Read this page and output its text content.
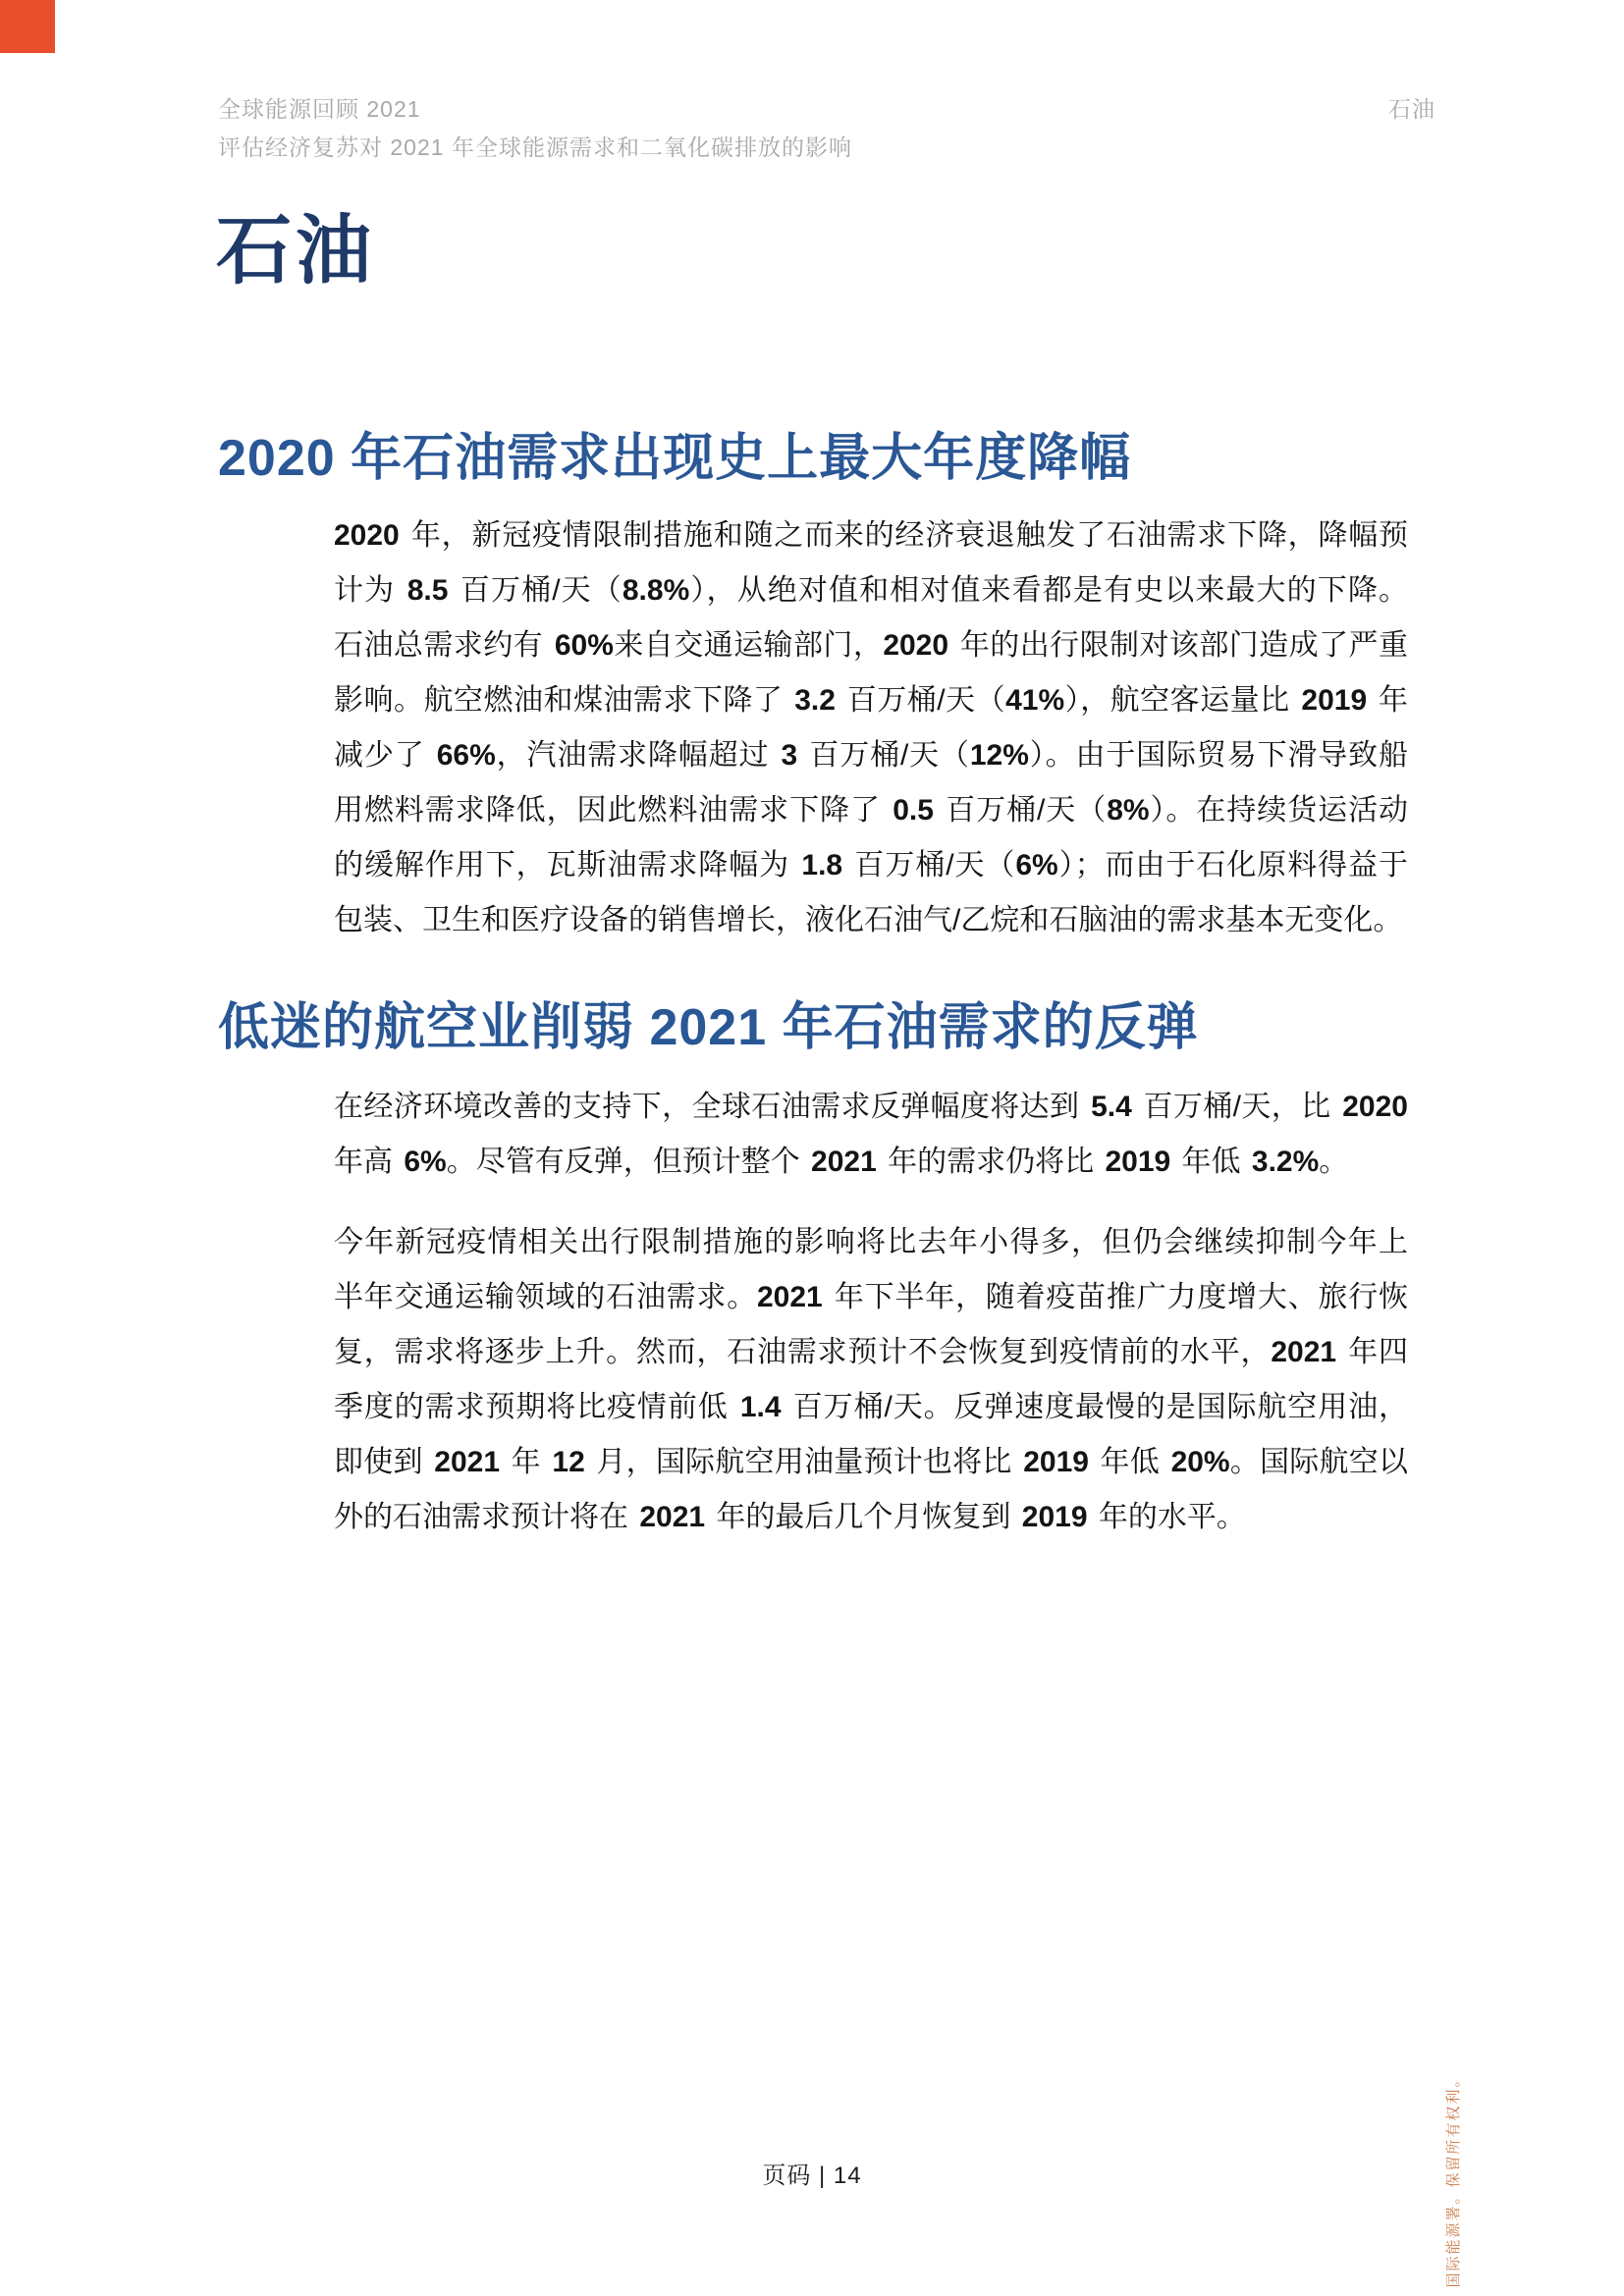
全球能源回顾 2021
评估经济复苏对 2021 年全球能源需求和二氧化碳排放的影响
石油
石油
2020 年石油需求出现史上最大年度降幅
2020 年，新冠疫情限制措施和随之而来的经济衰退触发了石油需求下降，降幅预
计为 8.5 百万桶/天（8.8%），从绝对值和相对值来看都是有史以来最大的下降。
石油总需求约有 60%来自交通运输部门，2020 年的出行限制对该部门造成了严重
影响。航空燃油和煤油需求下降了 3.2 百万桶/天（41%），航空客运量比 2019 年
减少了 66%，汽油需求降幅超过 3 百万桶/天（12%）。由于国际贸易下滑导致船
用燃料需求降低，因此燃料油需求下降了 0.5 百万桶/天（8%）。在持续货运活动
的缓解作用下，瓦斯油需求降幅为 1.8 百万桶/天（6%）；而由于石化原料得益于
包装、卫生和医疗设备的销售增长，液化石油气/乙烷和石脑油的需求基本无变化。
低迷的航空业削弱 2021 年石油需求的反弹
在经济环境改善的支持下，全球石油需求反弹幅度将达到 5.4 百万桶/天，比 2020
年高 6%。尽管有反弹，但预计整个 2021 年的需求仍将比 2019 年低 3.2%。
今年新冠疫情相关出行限制措施的影响将比去年小得多，但仍会继续抑制今年上
半年交通运输领域的石油需求。2021 年下半年，随着疫苗推广力度增大、旅行恢
复，需求将逐步上升。然而，石油需求预计不会恢复到疫情前的水平，2021 年四
季度的需求预期将比疫情前低 1.4 百万桶/天。反弹速度最慢的是国际航空用油，
即使到 2021 年 12 月，国际航空用油量预计也将比 2019 年低 20%。国际航空以
外的石油需求预计将在 2021 年的最后几个月恢复到 2019 年的水平。
页码 | 14	国际能源署。保留所有权利。
